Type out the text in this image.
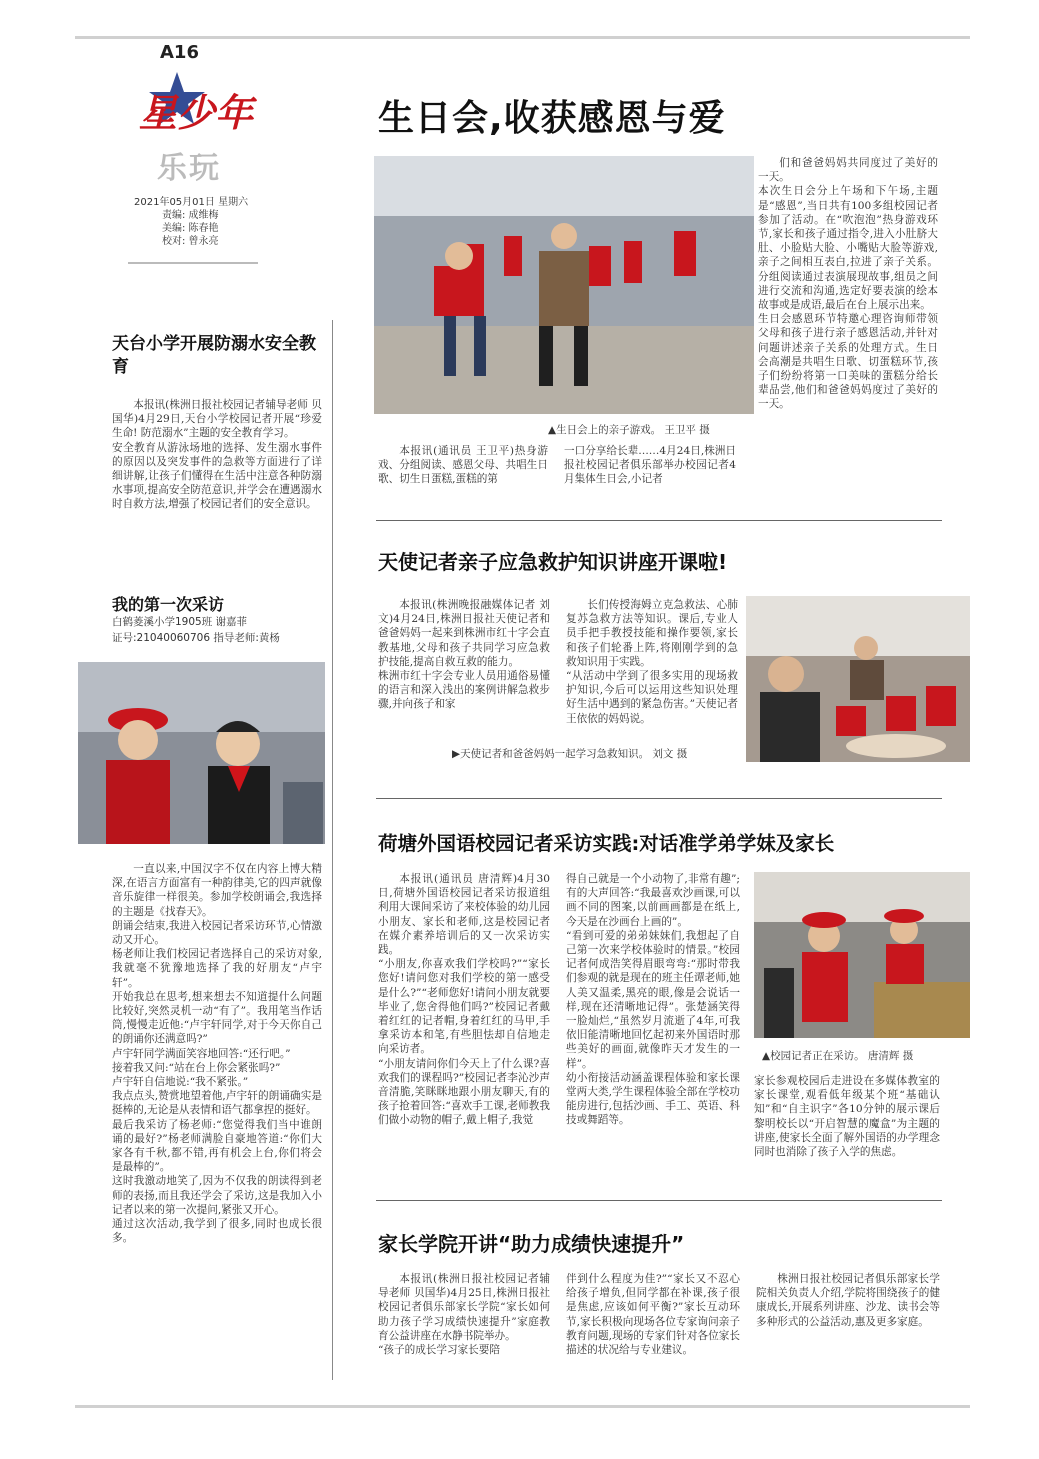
A16
星少年
乐玩
2021年05月01日 星期六
责编: 成维梅
美编: 陈春艳
校对: 曾永亮
天台小学开展防溺水安全教育
本报讯(株洲日报社校园记者辅导老师 贝国华)4月29日,天台小学校园记者开展“珍爱生命! 防范溺水”主题的安全教育学习。
安全教育从游泳场地的选择、发生溺水事件的原因以及突发事件的急救等方面进行了详细讲解,让孩子们懂得在生活中注意各种防溺水事项,提高安全防范意识,并学会在遭遇溺水时自救方法,增强了校园记者们的安全意识。
我的第一次采访
白鹤菱溪小学1905班 谢嘉菲
证号:21040060706 指导老师:黄杨
一直以来,中国汉字不仅在内容上博大精深,在语言方面富有一种韵律美,它的四声就像音乐旋律一样很美。参加学校朗诵会,我选择的主题是《找春天》。
朗诵会结束,我进入校园记者采访环节,心情激动又开心。
杨老师让我们校园记者选择自己的采访对象,我就毫不犹豫地选择了我的好朋友“卢宇轩”。
开始我总在思考,想来想去不知道提什么问题比较好,突然灵机一动“有了”。我用笔当作话筒,慢慢走近他:“卢宇轩同学,对于今天你自己的朗诵你还满意吗?”
卢宇轩同学满面笑容地回答:“还行吧。”
接着我又问:“站在台上你会紧张吗?”
卢宇轩自信地说:“我不紧张。”
我点点头,赞赏地望着他,卢宇轩的朗诵确实是挺棒的,无论是从表情和语气都拿捏的挺好。
最后我采访了杨老师:“您觉得我们当中谁朗诵的最好?”杨老师满脸自豪地答道:“你们大家各有千秋,都不错,再有机会上台,你们将会是最棒的”。
这时我激动地笑了,因为不仅我的朗读得到老师的表扬,而且我还学会了采访,这是我加入小记者以来的第一次提问,紧张又开心。
通过这次活动,我学到了很多,同时也成长很多。
生日会,收获感恩与爱
▲生日会上的亲子游戏。 王卫平 摄
本报讯(通讯员 王卫平)热身游戏、分组阅读、感恩父母、共唱生日歌、切生日蛋糕,蛋糕的第
一口分享给长辈……4月24日,株洲日报社校园记者俱乐部举办校园记者4月集体生日会,小记者
们和爸爸妈妈共同度过了美好的一天。
本次生日会分上午场和下午场,主题是“感恩”,当日共有100多组校园记者参加了活动。在“吹泡泡”热身游戏环节,家长和孩子通过指令,进入小肚脐大肚、小脸贴大脸、小嘴贴大脸等游戏,亲子之间相互表白,拉进了亲子关系。分组阅读通过表演展现故事,组员之间进行交流和沟通,选定好要表演的绘本故事或是成语,最后在台上展示出来。
生日会感恩环节特邀心理咨询师带领父母和孩子进行亲子感恩活动,并针对问题讲述亲子关系的处理方式。生日会高潮是共唱生日歌、切蛋糕环节,孩子们纷纷将第一口美味的蛋糕分给长辈品尝,他们和爸爸妈妈度过了美好的一天。
天使记者亲子应急救护知识讲座开课啦!
本报讯(株洲晚报融媒体记者 刘文)4月24日,株洲日报社天使记者和爸爸妈妈一起来到株洲市红十字会直教基地,父母和孩子共同学习应急救护技能,提高自救互救的能力。
株洲市红十字会专业人员用通俗易懂的语言和深入浅出的案例讲解急救步骤,并向孩子和家
长们传授海姆立克急救法、心肺复苏急救方法等知识。课后,专业人员手把手教授技能和操作要领,家长和孩子们轮番上阵,将刚刚学到的急救知识用于实践。
“从活动中学到了很多实用的现场救护知识,今后可以运用这些知识处理好生活中遇到的紧急伤害。”天使记者王依依的妈妈说。
▶天使记者和爸爸妈妈一起学习急救知识。 刘文 摄
荷塘外国语校园记者采访实践:对话准学弟学妹及家长
本报讯(通讯员 唐清辉)4月30日,荷塘外国语校园记者采访报道组利用大课间采访了来校体验的幼儿园小朋友、家长和老师,这是校园记者在媒介素养培训后的又一次采访实践。
“小朋友,你喜欢我们学校吗?”“家长您好!请问您对我们学校的第一感受是什么?”“老师您好!请问小朋友就要毕业了,您舍得他们吗?”校园记者戴着红红的记者帽,身着红红的马甲,手拿采访本和笔,有些胆怯却自信地走向采访者。
“小朋友请问你们今天上了什么课?喜欢我们的课程吗?”校园记者李沁沙声音清脆,笑眯眯地跟小朋友聊天,有的孩子抢着回答:“喜欢手工课,老师教我们做小动物的帽子,戴上帽子,我觉
得自己就是一个小动物了,非常有趣”;有的大声回答:“我最喜欢沙画课,可以画不同的图案,以前画画都是在纸上,今天是在沙画台上画的”。
“看到可爱的弟弟妹妹们,我想起了自己第一次来学校体验时的情景。”校园记者何成浩笑得眉眼弯弯:“那时带我们参观的就是现在的班主任谭老师,她人美又温柔,黑亮的眼,像是会说话一样,现在还清晰地记得”。张楚涵笑得一脸灿烂,“虽然岁月流逝了4年,可我依旧能清晰地回忆起初来外国语时那些美好的画面,就像昨天才发生的一样”。
幼小衔接活动涵盖课程体验和家长课堂两大类,学生课程体验全部在学校功能房进行,包括沙画、手工、英语、科技或舞蹈等。
▲校园记者正在采访。 唐清辉 摄
家长参观校园后走进设在多媒体教室的家长课堂,观看低年级某个班“基础认知”和“自主识字”各10分钟的展示课后黎明校长以“开启智慧的魔盒”为主题的讲座,使家长全面了解外国语的办学理念同时也消除了孩子入学的焦虑。
家长学院开讲“助力成绩快速提升”
本报讯(株洲日报社校园记者辅导老师 贝国华)4月25日,株洲日报社校园记者俱乐部家长学院“家长如何助力孩子学习成绩快速提升”家庭教育公益讲座在水静书院举办。
“孩子的成长学习家长要陪
伴到什么程度为佳?”“家长又不忍心给孩子增负,但同学都在补课,孩子很是焦虑,应该如何平衡?”家长互动环节,家长积极向现场各位专家询问亲子教育问题,现场的专家们针对各位家长描述的状况给与专业建议。
株洲日报社校园记者俱乐部家长学院相关负责人介绍,学院将围绕孩子的健康成长,开展系列讲座、沙龙、读书会等多种形式的公益活动,惠及更多家庭。
